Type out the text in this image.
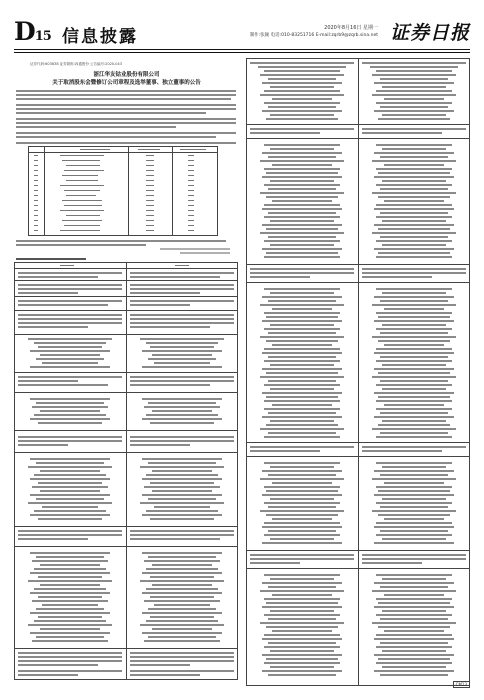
D15 信息披露	2020年8月16日 星期一
制作:张颖 电话:010-83251716 E-mail:zqrb9@zqrb.sina.net 证券日报
证券代码:603838 证券简称:四通股份 公告编号:2020-043
浙江华友钴业股份有限公司
关于取消股东会暨修订公司章程及选举董事、独立董事的公告
CM13
